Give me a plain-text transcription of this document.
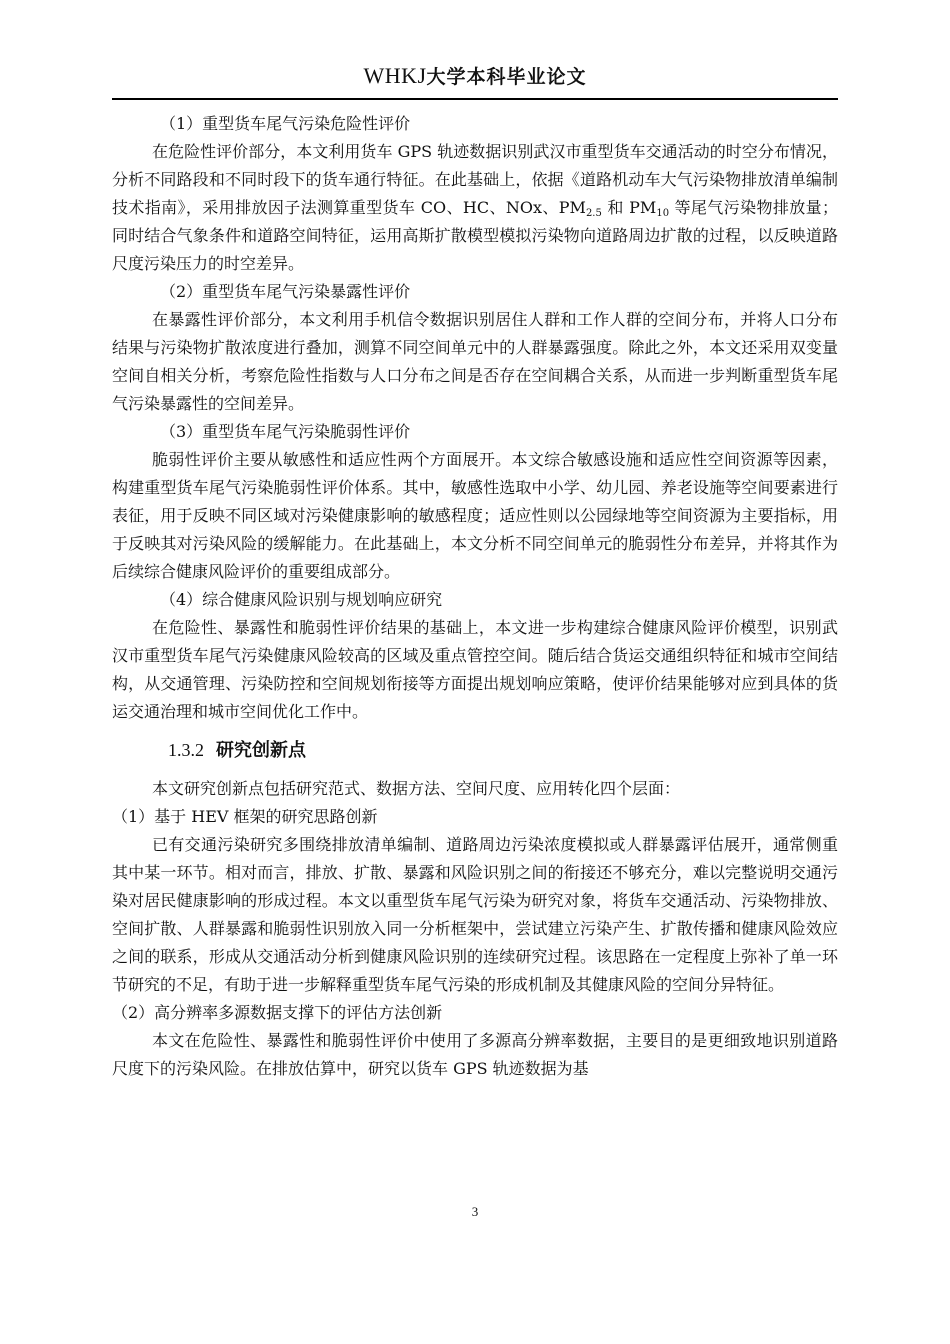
WHKJ大学本科毕业论文

（1）重型货车尾气污染危险性评价

在危险性评价部分，本文利用货车 GPS 轨迹数据识别武汉市重型货车交通活动的时空分布情况，分析不同路段和不同时段下的货车通行特征。在此基础上，依据《道路机动车大气污染物排放清单编制技术指南》，采用排放因子法测算重型货车 CO、HC、NOx、$PM_{2.5}$ 和 $PM_{10}$ 等尾气污染物排放量；同时结合气象条件和道路空间特征，运用高斯扩散模型模拟污染物向道路周边扩散的过程，以反映道路尺度污染压力的时空差异。

（2）重型货车尾气污染暴露性评价

在暴露性评价部分，本文利用手机信令数据识别居住人群和工作人群的空间分布，并将人口分布结果与污染物扩散浓度进行叠加，测算不同空间单元中的人群暴露强度。除此之外，本文还采用双变量空间自相关分析，考察危险性指数与人口分布之间是否存在空间耦合关系，从而进一步判断重型货车尾气污染暴露性的空间差异。

（3）重型货车尾气污染脆弱性评价

脆弱性评价主要从敏感性和适应性两个方面展开。本文综合敏感设施和适应性空间资源等因素，构建重型货车尾气污染脆弱性评价体系。其中，敏感性选取中小学、幼儿园、养老设施等空间要素进行表征，用于反映不同区域对污染健康影响的敏感程度；适应性则以公园绿地等空间资源为主要指标，用于反映其对污染风险的缓解能力。在此基础上，本文分析不同空间单元的脆弱性分布差异，并将其作为后续综合健康风险评价的重要组成部分。

（4）综合健康风险识别与规划响应研究

在危险性、暴露性和脆弱性评价结果的基础上，本文进一步构建综合健康风险评价模型，识别武汉市重型货车尾气污染健康风险较高的区域及重点管控空间。随后结合货运交通组织特征和城市空间结构，从交通管理、污染防控和空间规划衔接等方面提出规划响应策略，使评价结果能够对应到具体的货运交通治理和城市空间优化工作中。

1.3.2 研究创新点

本文研究创新点包括研究范式、数据方法、空间尺度、应用转化四个层面：

（1）基于 HEV 框架的研究思路创新

已有交通污染研究多围绕排放清单编制、道路周边污染浓度模拟或人群暴露评估展开，通常侧重其中某一环节。相对而言，排放、扩散、暴露和风险识别之间的衔接还不够充分，难以完整说明交通污染对居民健康影响的形成过程。本文以重型货车尾气污染为研究对象，将货车交通活动、污染物排放、空间扩散、人群暴露和脆弱性识别放入同一分析框架中，尝试建立污染产生、扩散传播和健康风险效应之间的联系，形成从交通活动分析到健康风险识别的连续研究过程。该思路在一定程度上弥补了单一环节研究的不足，有助于进一步解释重型货车尾气污染的形成机制及其健康风险的空间分异特征。

（2）高分辨率多源数据支撑下的评估方法创新

本文在危险性、暴露性和脆弱性评价中使用了多源高分辨率数据，主要目的是更细致地识别道路尺度下的污染风险。在排放估算中，研究以货车 GPS 轨迹数据为基

3
